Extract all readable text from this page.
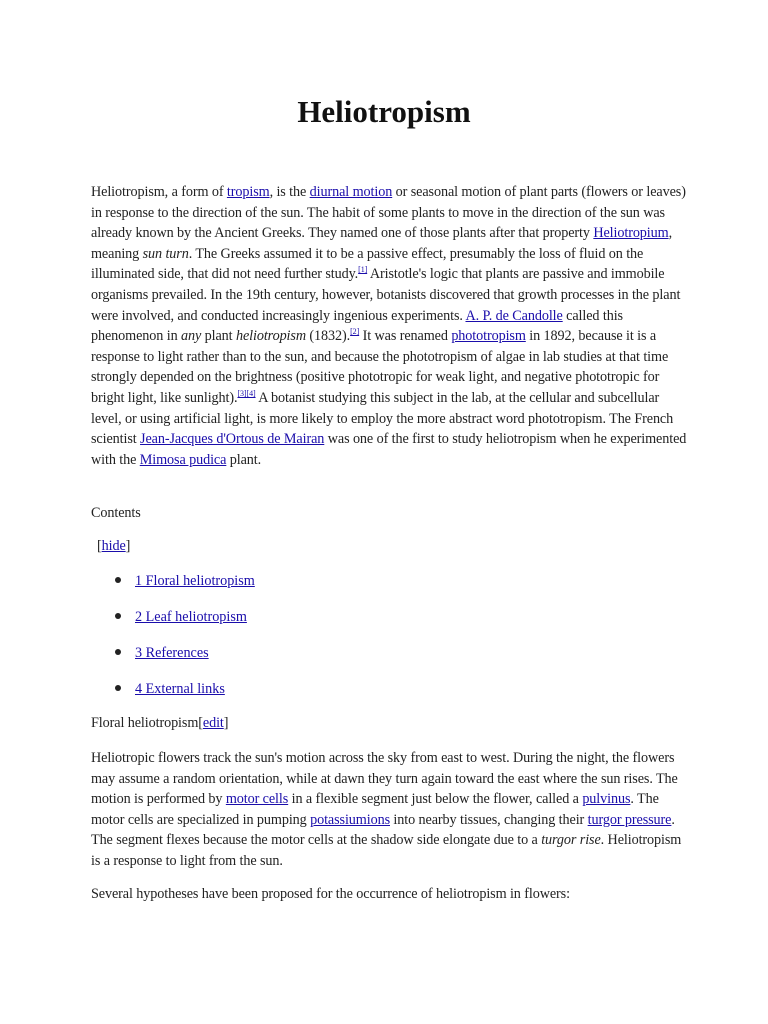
Heliotropism

Heliotropism, a form of tropism, is the diurnal motion or seasonal motion of plant parts (flowers or leaves) in response to the direction of the sun. The habit of some plants to move in the direction of the sun was already known by the Ancient Greeks. They named one of those plants after that property Heliotropium, meaning sun turn. The Greeks assumed it to be a passive effect, presumably the loss of fluid on the illuminated side, that did not need further study.[1] Aristotle's logic that plants are passive and immobile organisms prevailed. In the 19th century, however, botanists discovered that growth processes in the plant were involved, and conducted increasingly ingenious experiments. A. P. de Candolle called this phenomenon in any plant heliotropism (1832).[2] It was renamed phototropism in 1892, because it is a response to light rather than to the sun, and because the phototropism of algae in lab studies at that time strongly depended on the brightness (positive phototropic for weak light, and negative phototropic for bright light, like sunlight).[3][4] A botanist studying this subject in the lab, at the cellular and subcellular level, or using artificial light, is more likely to employ the more abstract word phototropism. The French scientist Jean-Jacques d'Ortous de Mairan was one of the first to study heliotropism when he experimented with the Mimosa pudica plant.

Contents

[hide]

1 Floral heliotropism
2 Leaf heliotropism
3 References
4 External links

Floral heliotropism[edit]

Heliotropic flowers track the sun's motion across the sky from east to west. During the night, the flowers may assume a random orientation, while at dawn they turn again toward the east where the sun rises. The motion is performed by motor cells in a flexible segment just below the flower, called a pulvinus. The motor cells are specialized in pumping potassiumions into nearby tissues, changing their turgor pressure. The segment flexes because the motor cells at the shadow side elongate due to a turgor rise. Heliotropism is a response to light from the sun.

Several hypotheses have been proposed for the occurrence of heliotropism in flowers:
